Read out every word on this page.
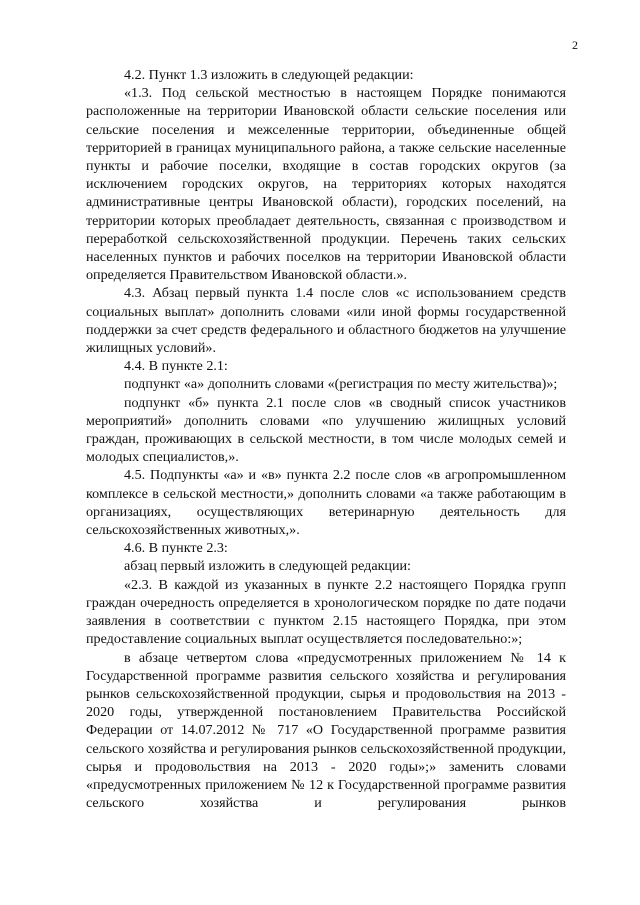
2

4.2. Пункт 1.3 изложить в следующей редакции:

«1.3. Под сельской местностью в настоящем Порядке понимаются расположенные на территории Ивановской области сельские поселения или сельские поселения и межселенные территории, объединенные общей территорией в границах муниципального района, а также сельские населенные пункты и рабочие поселки, входящие в состав городских округов (за исключением городских округов, на территориях которых находятся административные центры Ивановской области), городских поселений, на территории которых преобладает деятельность, связанная с производством и переработкой сельскохозяйственной продукции. Перечень таких сельских населенных пунктов и рабочих поселков на территории Ивановской области определяется Правительством Ивановской области.».

4.3. Абзац первый пункта 1.4 после слов «с использованием средств социальных выплат» дополнить словами «или иной формы государственной поддержки за счет средств федерального и областного бюджетов на улучшение жилищных условий».

4.4. В пункте 2.1:

подпункт «а» дополнить словами «(регистрация по месту жительства)»;

подпункт «б» пункта 2.1 после слов «в сводный список участников мероприятий» дополнить словами «по улучшению жилищных условий граждан, проживающих в сельской местности, в том числе молодых семей и молодых специалистов,».

4.5. Подпункты «а» и «в» пункта 2.2 после слов «в агропромышленном комплексе в сельской местности,» дополнить словами «а также работающим в организациях, осуществляющих ветеринарную деятельность для сельскохозяйственных животных,».

4.6. В пункте 2.3:

абзац первый изложить в следующей редакции:

«2.3. В каждой из указанных в пункте 2.2 настоящего Порядка групп граждан очередность определяется в хронологическом порядке по дате подачи заявления в соответствии с пунктом 2.15 настоящего Порядка, при этом предоставление социальных выплат осуществляется последовательно:»;

в абзаце четвертом слова «предусмотренных приложением № 14 к Государственной программе развития сельского хозяйства и регулирования рынков сельскохозяйственной продукции, сырья и продовольствия на 2013 - 2020 годы, утвержденной постановлением Правительства Российской Федерации от 14.07.2012 № 717 «О Государственной программе развития сельского хозяйства и регулирования рынков сельскохозяйственной продукции, сырья и продовольствия на 2013 - 2020 годы»;» заменить словами «предусмотренных приложением № 12 к Государственной программе развития сельского хозяйства и регулирования рынков
